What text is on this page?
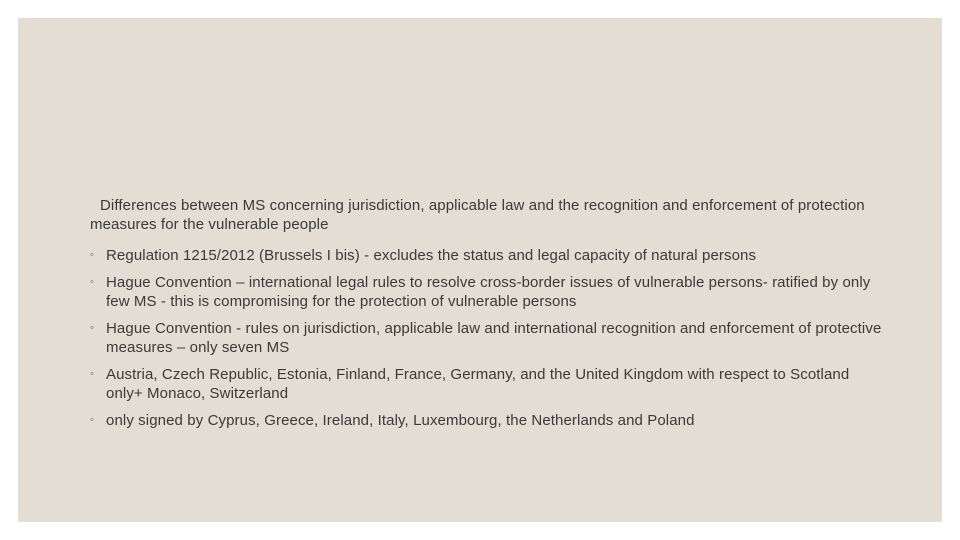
Differences between MS concerning jurisdiction, applicable law and the recognition and enforcement of protection measures for the vulnerable people

◦ Regulation 1215/2012 (Brussels I bis) - excludes the status and legal capacity of natural persons
◦ Hague Convention – international legal rules to resolve cross-border issues of vulnerable persons- ratified by only few MS - this is compromising for the protection of vulnerable persons
◦ Hague Convention - rules on jurisdiction, applicable law and international recognition and enforcement of protective measures – only seven MS
◦ Austria, Czech Republic, Estonia, Finland, France, Germany, and the United Kingdom with respect to Scotland only+ Monaco, Switzerland
◦ only signed by Cyprus, Greece, Ireland, Italy, Luxembourg, the Netherlands and Poland
